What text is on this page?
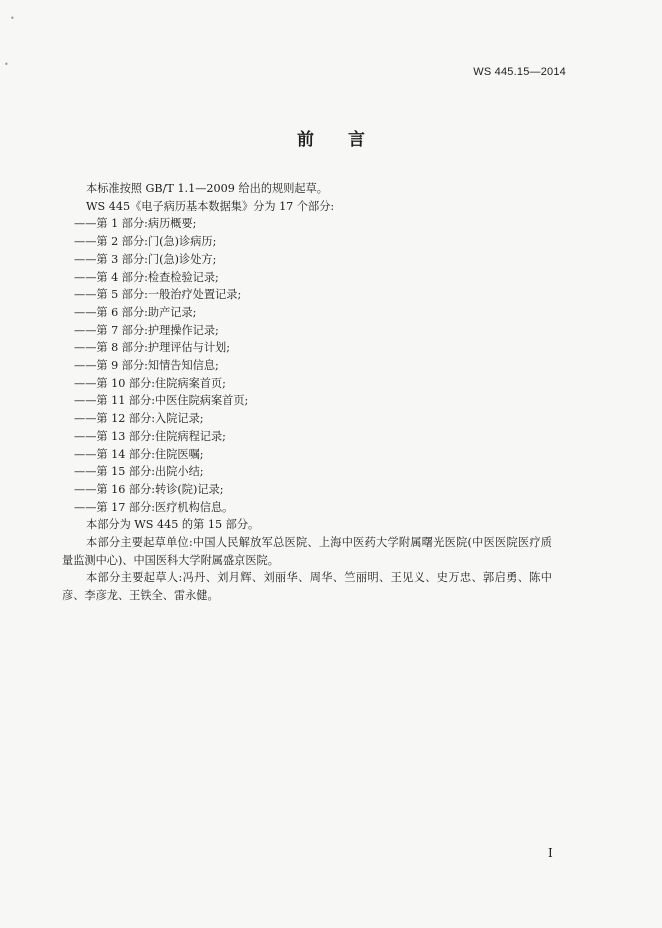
•
•
WS 445.15—2014
前言

本标准按照 GB/T 1.1—2009 给出的规则起草。

WS 445《电子病历基本数据集》分为 17 个部分:

——第 1 部分:病历概要;
——第 2 部分:门(急)诊病历;
——第 3 部分:门(急)诊处方;
——第 4 部分:检查检验记录;
——第 5 部分:一般治疗处置记录;
——第 6 部分:助产记录;
——第 7 部分:护理操作记录;
——第 8 部分:护理评估与计划;
——第 9 部分:知情告知信息;
——第 10 部分:住院病案首页;
——第 11 部分:中医住院病案首页;
——第 12 部分:入院记录;
——第 13 部分:住院病程记录;
——第 14 部分:住院医嘱;
——第 15 部分:出院小结;
——第 16 部分:转诊(院)记录;
——第 17 部分:医疗机构信息。

本部分为 WS 445 的第 15 部分。

本部分主要起草单位:中国人民解放军总医院、上海中医药大学附属曙光医院(中医医院医疗质量监测中心)、中国医科大学附属盛京医院。

本部分主要起草人:冯丹、刘月辉、刘丽华、周华、竺丽明、王见义、史万忠、郭启勇、陈中彦、李彦龙、王铁全、雷永健。

I
